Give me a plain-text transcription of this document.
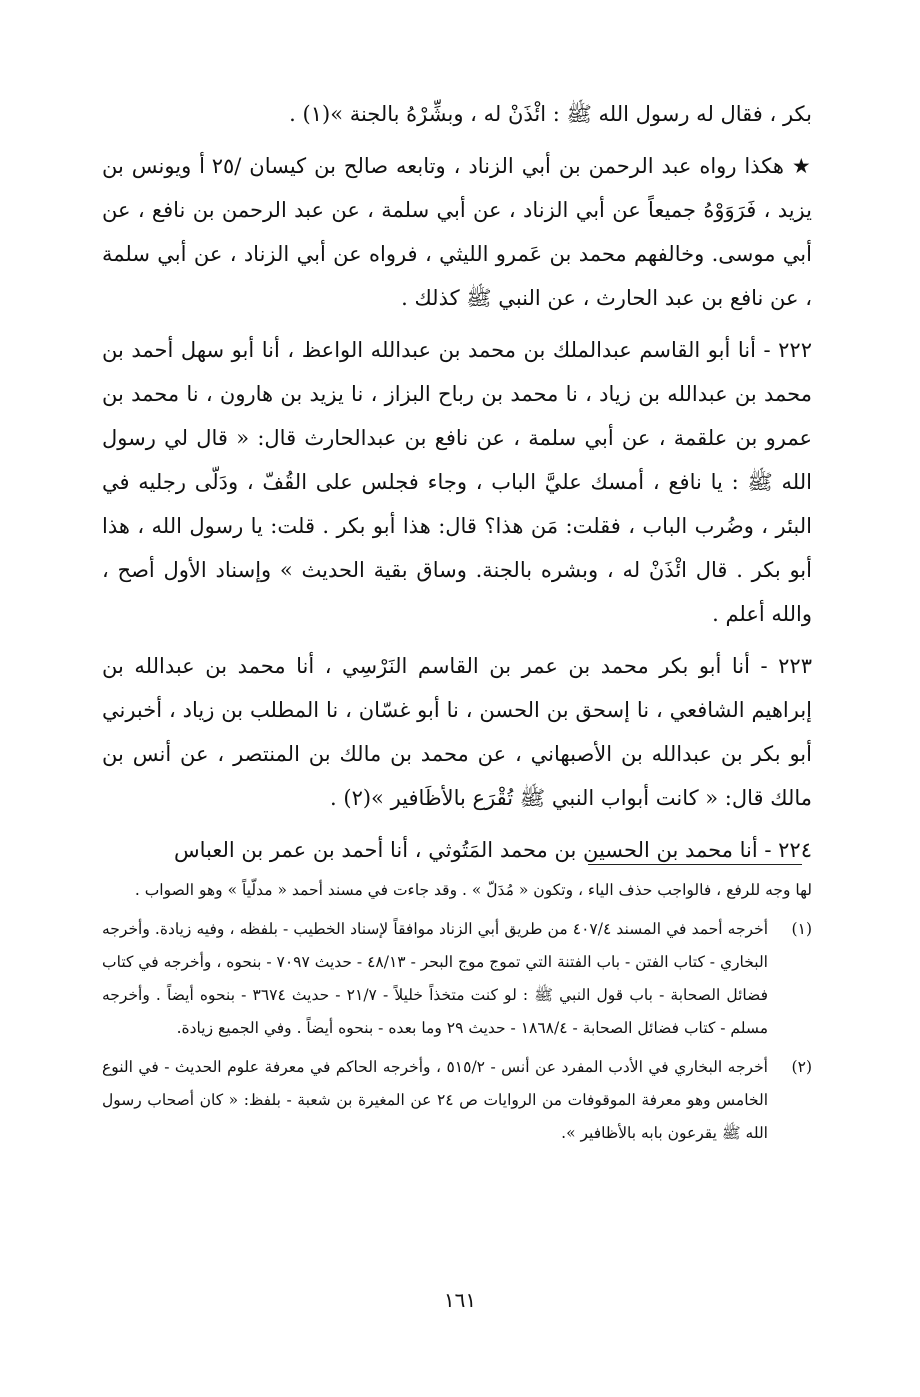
بكر ، فقال له رسول الله ﷺ : ائْذَنْ له ، وبشِّرْهُ بالجنة »(١) .

★ هكذا رواه عبد الرحمن بن أبي الزناد ، وتابعه صالح بن كيسان /٢٥ أ ويونس بن يزيد ، فَرَوَوْهُ جميعاً عن أبي الزناد ، عن أبي سلمة ، عن عبد الرحمن بن نافع ، عن أبي موسى. وخالفهم محمد بن عَمرو الليثي ، فرواه عن أبي الزناد ، عن أبي سلمة ، عن نافع بن عبد الحارث ، عن النبي ﷺ كذلك .

٢٢٢ - أنا أبو القاسم عبدالملك بن محمد بن عبدالله الواعظ ، أنا أبو سهل أحمد بن محمد بن عبدالله بن زياد ، نا محمد بن رباح البزاز ، نا يزيد بن هارون ، نا محمد بن عمرو بن علقمة ، عن أبي سلمة ، عن نافع بن عبدالحارث قال: « قال لي رسول الله ﷺ : يا نافع ، أمسك عليَّ الباب ، وجاء فجلس على القُفّ ، ودَلّى رجليه في البئر ، وضُرب الباب ، فقلت: مَن هذا؟ قال: هذا أبو بكر . قلت: يا رسول الله ، هذا أبو بكر . قال ائْذَنْ له ، وبشره بالجنة. وساق بقية الحديث » وإسناد الأول أصح ، والله أعلم .

٢٢٣ - أنا أبو بكر محمد بن عمر بن القاسم النَرْسِي ، أنا محمد بن عبدالله بن إبراهيم الشافعي ، نا إسحق بن الحسن ، نا أبو غسّان ، نا المطلب بن زياد ، أخبرني أبو بكر بن عبدالله بن الأصبهاني ، عن محمد بن مالك بن المنتصر ، عن أنس بن مالك قال: « كانت أبواب النبي ﷺ تُقْرَع بالأظَافير »(٢) .

٢٢٤ - أنا محمد بن الحسين بن محمد المَتُوثي ، أنا أحمد بن عمر بن العباس

لها وجه للرفع ، فالواجب حذف الياء ، وتكون « مُدَلّ » . وقد جاءت في مسند أحمد « مدلّياً » وهو الصواب .

(١)
أخرجه أحمد في المسند ٤٠٧/٤ من طريق أبي الزناد موافقاً لإسناد الخطيب - بلفظه ، وفيه زيادة. وأخرجه البخاري - كتاب الفتن - باب الفتنة التي تموج موج البحر - ٤٨/١٣ - حديث ٧٠٩٧ - بنحوه ، وأخرجه في كتاب فضائل الصحابة - باب قول النبي ﷺ : لو كنت متخذاً خليلاً - ٢١/٧ - حديث ٣٦٧٤ - بنحوه أيضاً . وأخرجه مسلم - كتاب فضائل الصحابة - ١٨٦٨/٤ - حديث ٢٩ وما بعده - بنحوه أيضاً . وفي الجميع زيادة.
(٢)
أخرجه البخاري في الأدب المفرد عن أنس - ٥١٥/٢ ، وأخرجه الحاكم في معرفة علوم الحديث - في النوع الخامس وهو معرفة الموقوفات من الروايات ص ٢٤ عن المغيرة بن شعبة - بلفظ: « كان أصحاب رسول الله ﷺ يقرعون بابه بالأظافير ».
١٦١
